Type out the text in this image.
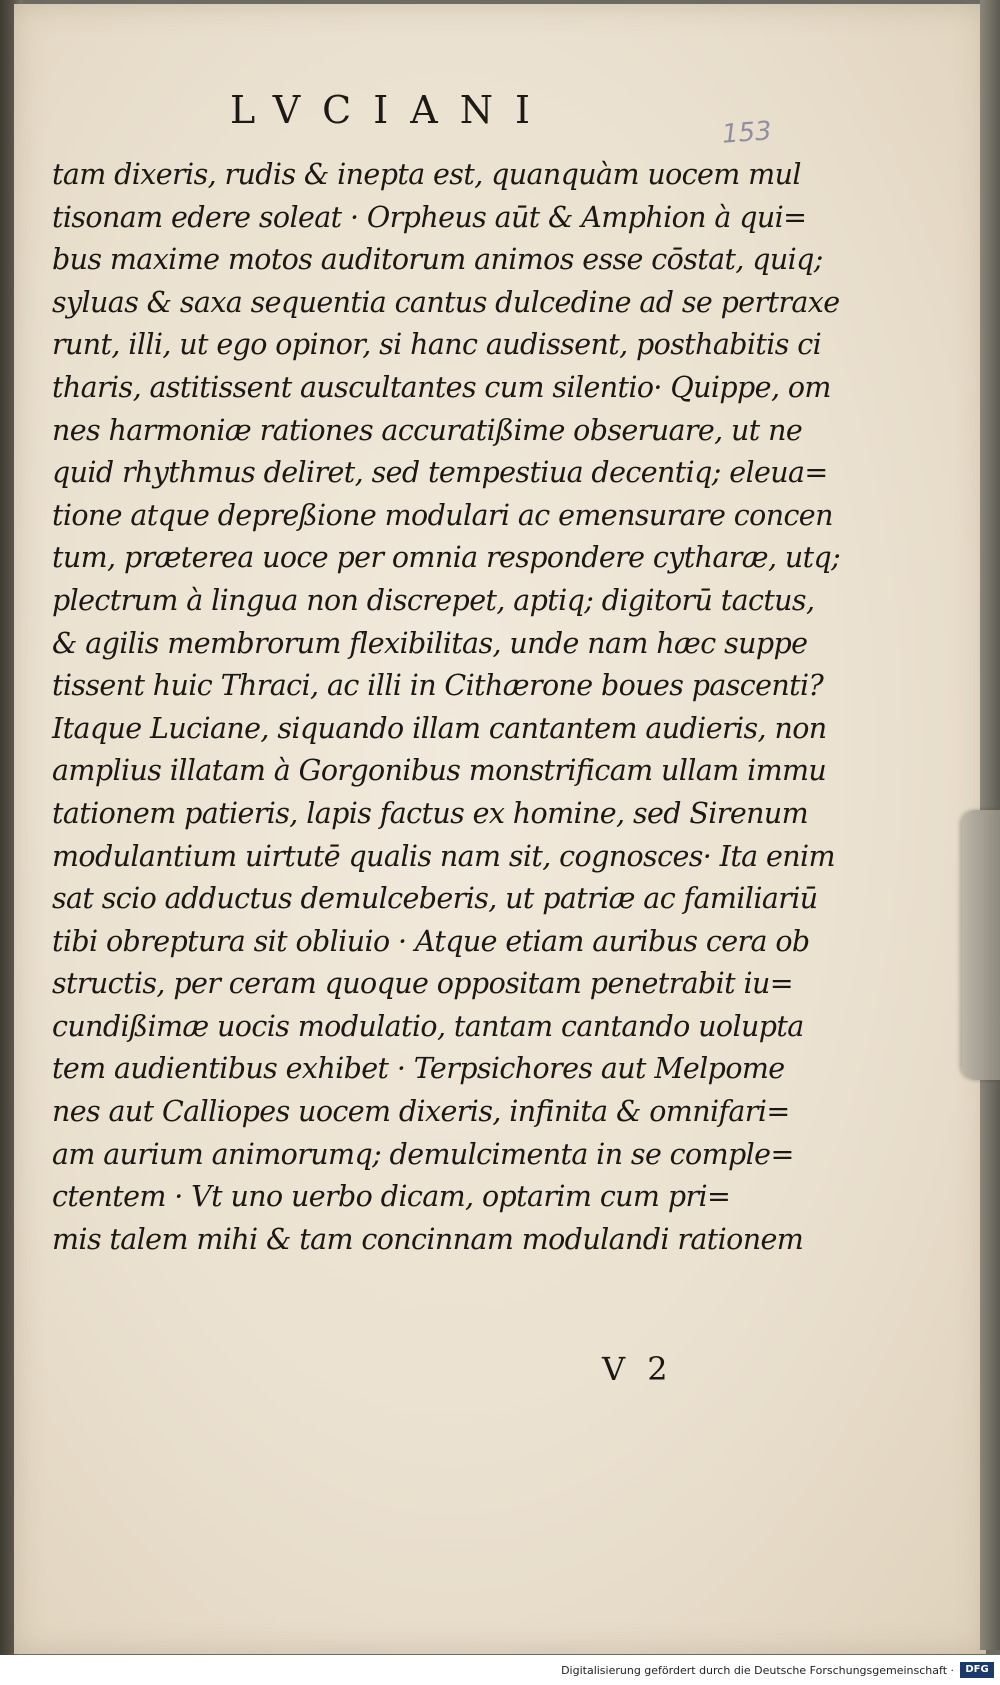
LVCIANI
153
tam dixeris, rudis & inepta est, quanquàm uocem mul
tisonam edere soleat · Orpheus aūt & Amphion à qui=
bus maxime motos auditorum animos esse cōstat, quiq;
syluas & saxa sequentia cantus dulcedine ad se pertraxe
runt, illi, ut ego opinor, si hanc audissent, posthabitis ci
tharis, astitissent auscultantes cum silentio· Quippe, om
nes harmoniæ rationes accuratißime obseruare, ut ne
quid rhythmus deliret, sed tempestiua decentiq; eleua=
tione atque depreßione modulari ac emensurare concen
tum, præterea uoce per omnia respondere cytharæ, utq;
plectrum à lingua non discrepet, aptiq; digitorū tactus,
& agilis membrorum flexibilitas, unde nam hæc suppe
tissent huic Thraci, ac illi in Cithærone boues pascenti?
Itaque Luciane, siquando illam cantantem audieris, non
amplius illatam à Gorgonibus monstrificam ullam immu
tationem patieris, lapis factus ex homine, sed Sirenum
modulantium uirtutē qualis nam sit, cognosces· Ita enim
sat scio adductus demulceberis, ut patriæ ac familiariū
tibi obreptura sit obliuio · Atque etiam auribus cera ob
structis, per ceram quoque oppositam penetrabit iu=
cundißimæ uocis modulatio, tantam cantando uolupta
tem audientibus exhibet · Terpsichores aut Melpome
nes aut Calliopes uocem dixeris, infinita & omnifari=
am aurium animorumq; demulcimenta in se comple=
ctentem · Vt uno uerbo dicam, optarim cum pri=
mis talem mihi & tam concinnam modulandi rationem
V 2
Digitalisierung gefördert durch die Deutsche Forschungsgemeinschaft ·	DFG
